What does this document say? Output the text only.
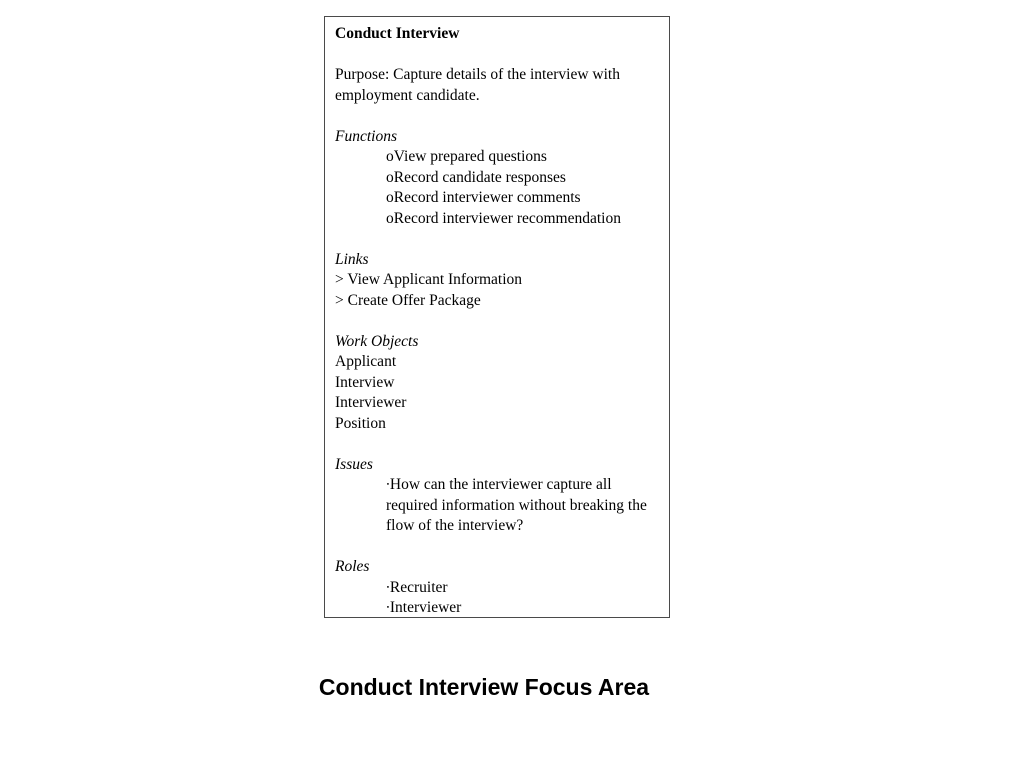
Conduct Interview

Purpose: Capture details of the interview with employment candidate.

Functions

oView prepared questions

oRecord candidate responses

oRecord interviewer comments

oRecord interviewer recommendation

Links

> View Applicant Information

> Create Offer Package

Work Objects

Applicant

Interview

Interviewer

Position

Issues

∙How can the interviewer capture all required information without breaking the flow of the interview?

Roles

∙Recruiter

∙Interviewer

Conduct Interview Focus Area
